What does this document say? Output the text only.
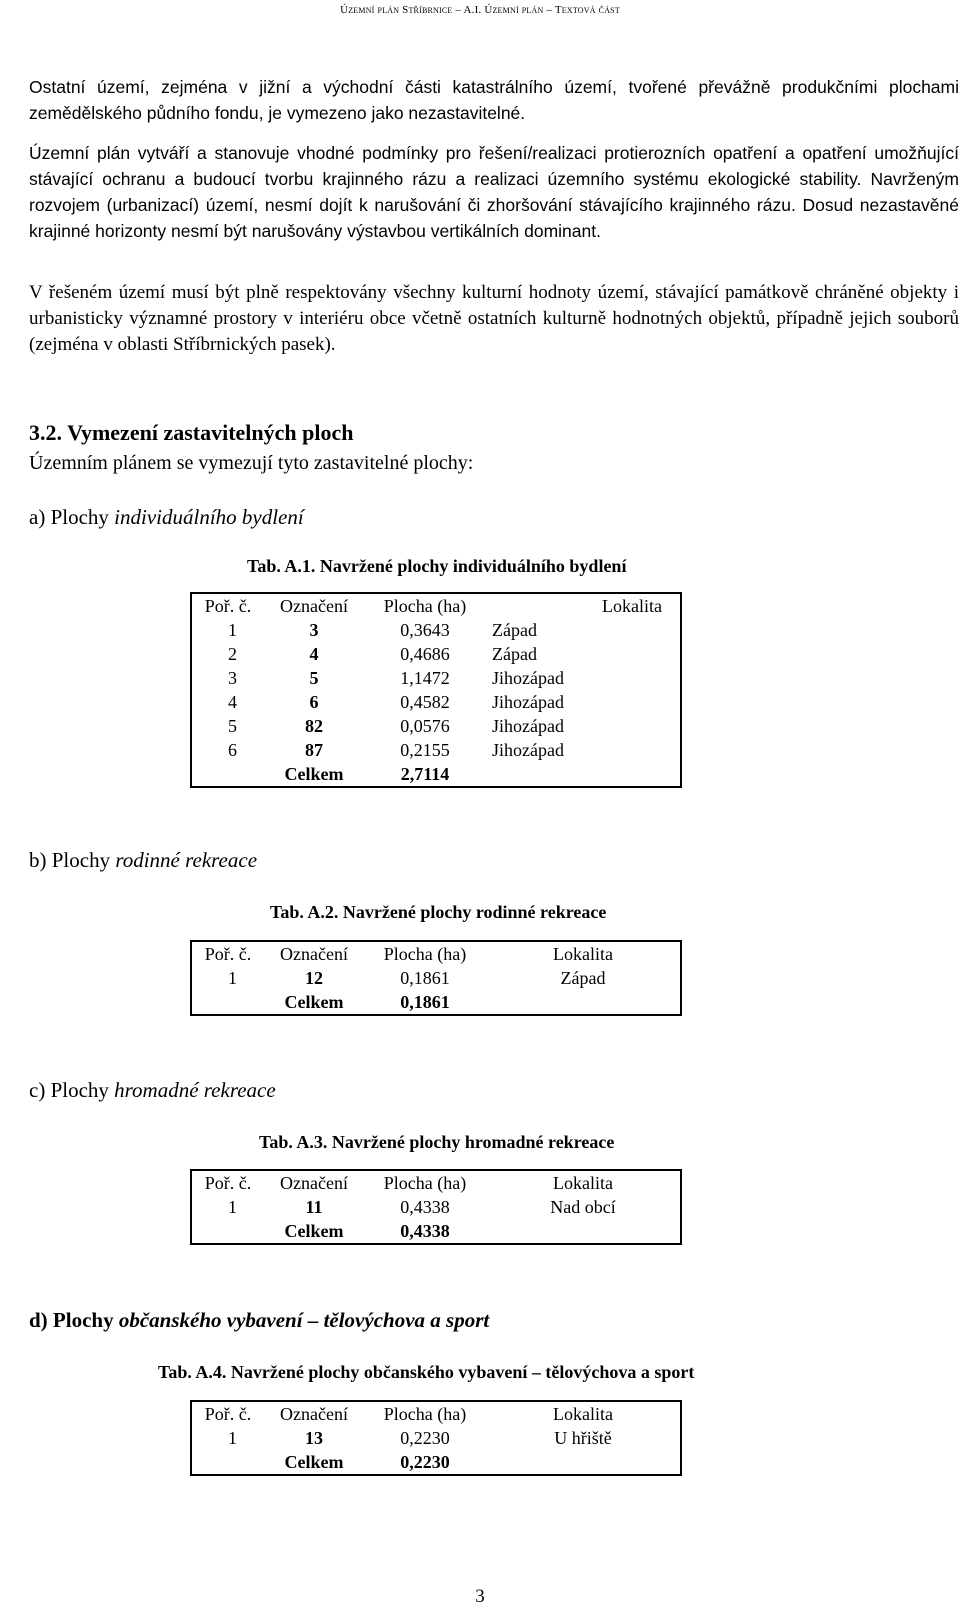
Územní plán Stříbrnice – A.I. Územní plán – Textová část

Ostatní území, zejména v jižní a východní části katastrálního území, tvořené převážně produkčními plochami zemědělského půdního fondu, je vymezeno jako nezastavitelné.

Územní plán vytváří a stanovuje vhodné podmínky pro řešení/realizaci protierozních opatření a opatření umožňující stávající ochranu a budoucí tvorbu krajinného rázu a realizaci územního systému ekologické stability. Navrženým rozvojem (urbanizací) území, nesmí dojít k narušování či zhoršování stávajícího krajinného rázu. Dosud nezastavěné krajinné horizonty nesmí být narušovány výstavbou vertikálních dominant.

V řešeném území musí být plně respektovány všechny kulturní hodnoty území, stávající památkově chráněné objekty i urbanisticky významné prostory v interiéru obce včetně ostatních kulturně hodnotných objektů, případně jejich souborů (zejména v oblasti Stříbrnických pasek).

3.2. Vymezení zastavitelných ploch

Územním plánem se vymezují tyto zastavitelné plochy:

a) Plochy individuálního bydlení

Tab. A.1. Navržené plochy individuálního bydlení

Poř. č.	Označení	Plocha (ha)	Lokalita
1	3	0,3643	Západ
2	4	0,4686	Západ
3	5	1,1472	Jihozápad
4	6	0,4582	Jihozápad
5	82	0,0576	Jihozápad
6	87	0,2155	Jihozápad
	Celkem	2,7114	

b) Plochy rodinné rekreace

Tab. A.2. Navržené plochy rodinné rekreace

Poř. č.	Označení	Plocha (ha)	Lokalita
1	12	0,1861	Západ
	Celkem	0,1861	

c) Plochy hromadné rekreace

Tab. A.3. Navržené plochy hromadné rekreace

Poř. č.	Označení	Plocha (ha)	Lokalita
1	11	0,4338	Nad obcí
	Celkem	0,4338	

d) Plochy občanského vybavení – tělovýchova a sport

Tab. A.4. Navržené plochy občanského vybavení – tělovýchova a sport

Poř. č.	Označení	Plocha (ha)	Lokalita
1	13	0,2230	U hřiště
	Celkem	0,2230	
3
